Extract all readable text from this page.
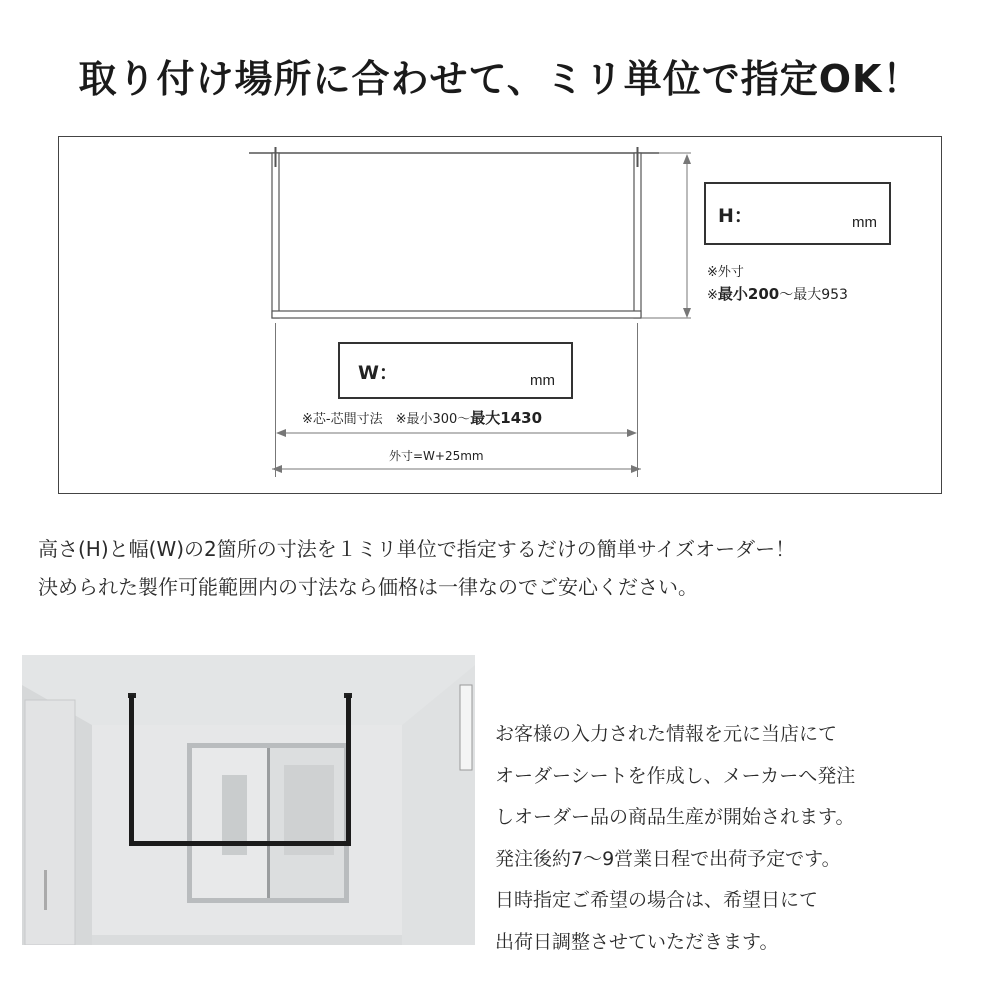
取り付け場所に合わせて、ミリ単位で指定OK！
H：	mm
※外寸
※最小200～最大953
W：	mm
※芯-芯間寸法　※最小300～最大1430
外寸=W+25mm
高さ(H)と幅(W)の2箇所の寸法を１ミリ単位で指定するだけの簡単サイズオーダー！
決められた製作可能範囲内の寸法なら価格は一律なのでご安心ください。
お客様の入力された情報を元に当店にて
オーダーシートを作成し、メーカーへ発注
しオーダー品の商品生産が開始されます。
発注後約7～9営業日程で出荷予定です。
日時指定ご希望の場合は、希望日にて
出荷日調整させていただきます。
